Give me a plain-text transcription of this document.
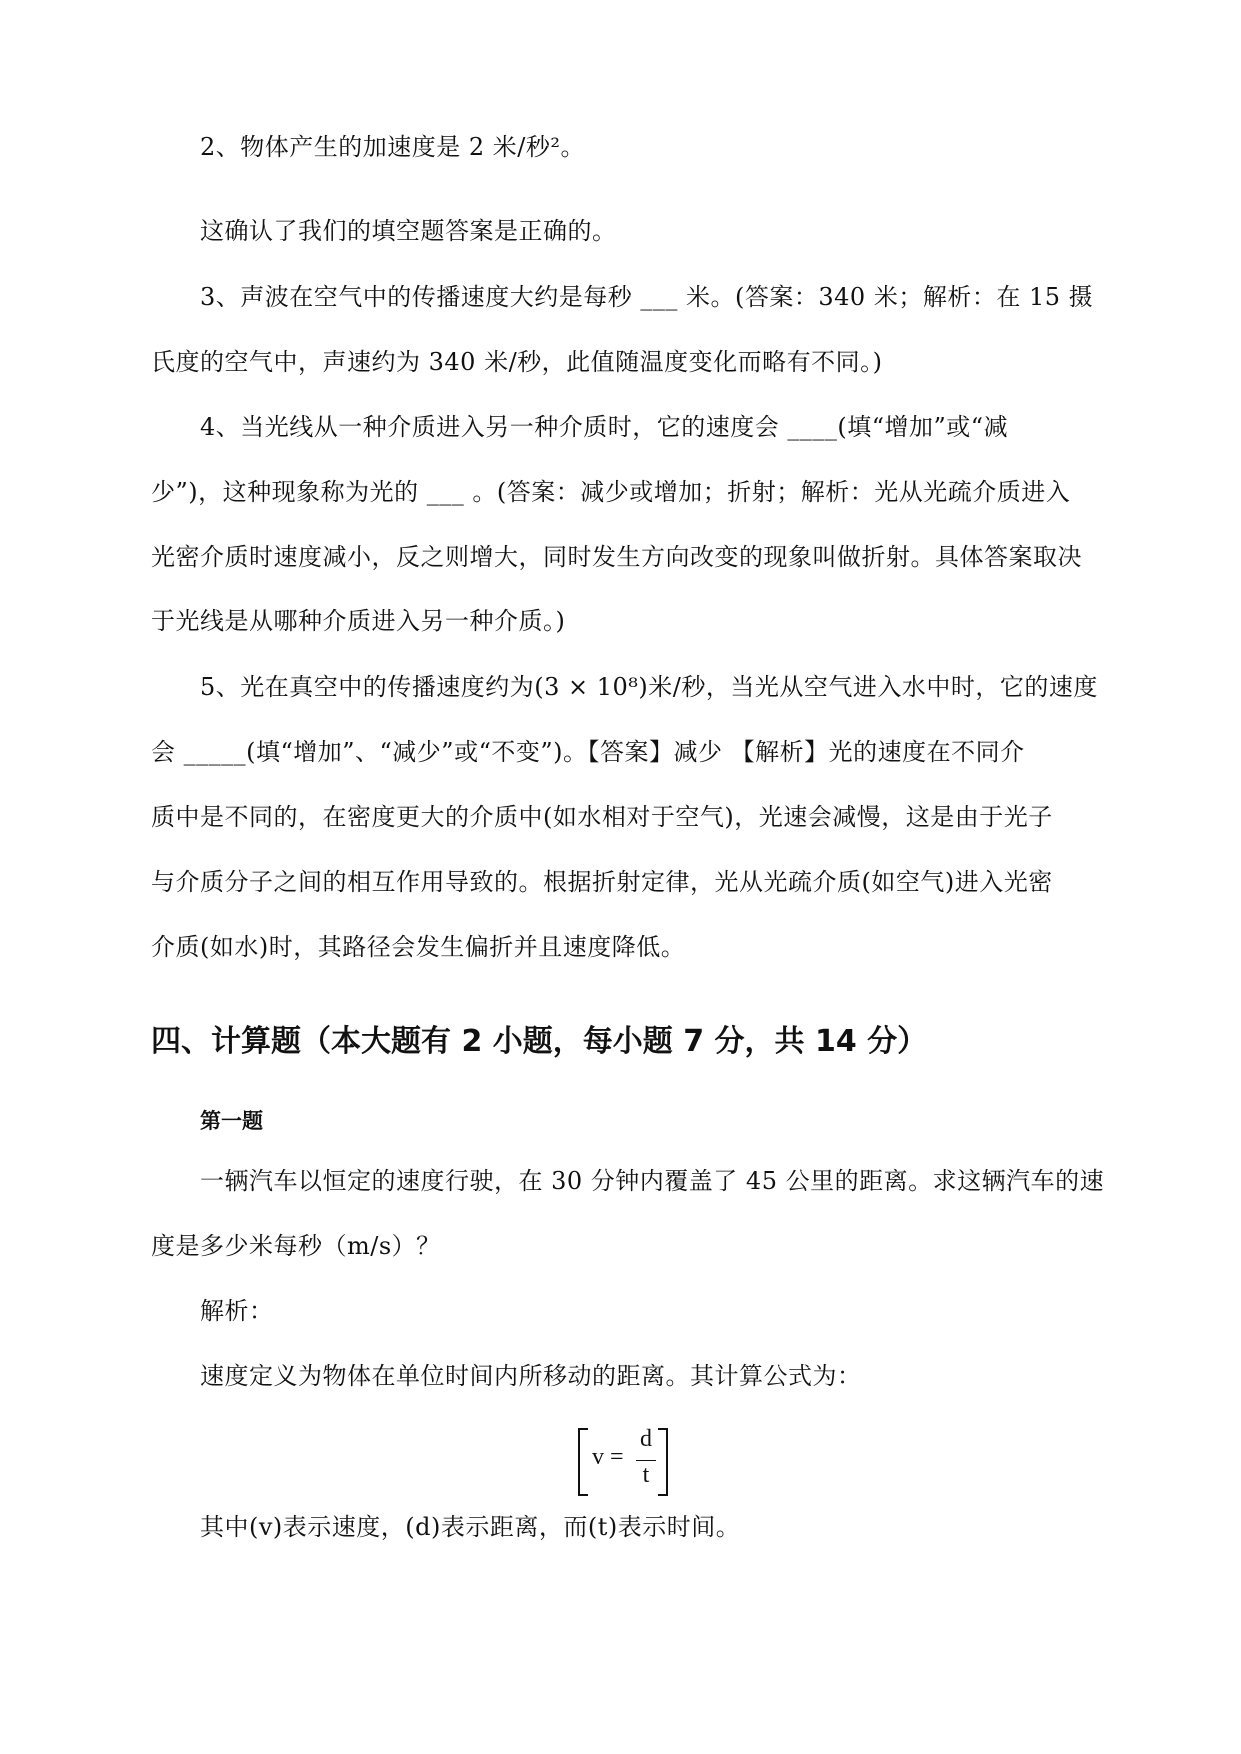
2、物体产生的加速度是 2 米/秒²。
这确认了我们的填空题答案是正确的。
3、声波在空气中的传播速度大约是每秒 ___ 米。(答案：340 米；解析：在 15 摄
氏度的空气中，声速约为 340 米/秒，此值随温度变化而略有不同。)
4、当光线从一种介质进入另一种介质时，它的速度会 ____(填“增加”或“减
少”)，这种现象称为光的 ___ 。(答案：减少或增加；折射；解析：光从光疏介质进入
光密介质时速度减小，反之则增大，同时发生方向改变的现象叫做折射。具体答案取决
于光线是从哪种介质进入另一种介质。)
5、光在真空中的传播速度约为(3 × 10⁸)米/秒，当光从空气进入水中时，它的速度
会 _____(填“增加”、“减少”或“不变”)。【答案】减少 【解析】光的速度在不同介
质中是不同的，在密度更大的介质中(如水相对于空气)，光速会减慢，这是由于光子
与介质分子之间的相互作用导致的。根据折射定律，光从光疏介质(如空气)进入光密
介质(如水)时，其路径会发生偏折并且速度降低。
四、计算题（本大题有 2 小题，每小题 7 分，共 14 分）
第一题
一辆汽车以恒定的速度行驶，在 30 分钟内覆盖了 45 公里的距离。求这辆汽车的速
度是多少米每秒（m/s）？
解析：
速度定义为物体在单位时间内所移动的距离。其计算公式为：
v =
d
t
其中(v)表示速度，(d)表示距离，而(t)表示时间。
